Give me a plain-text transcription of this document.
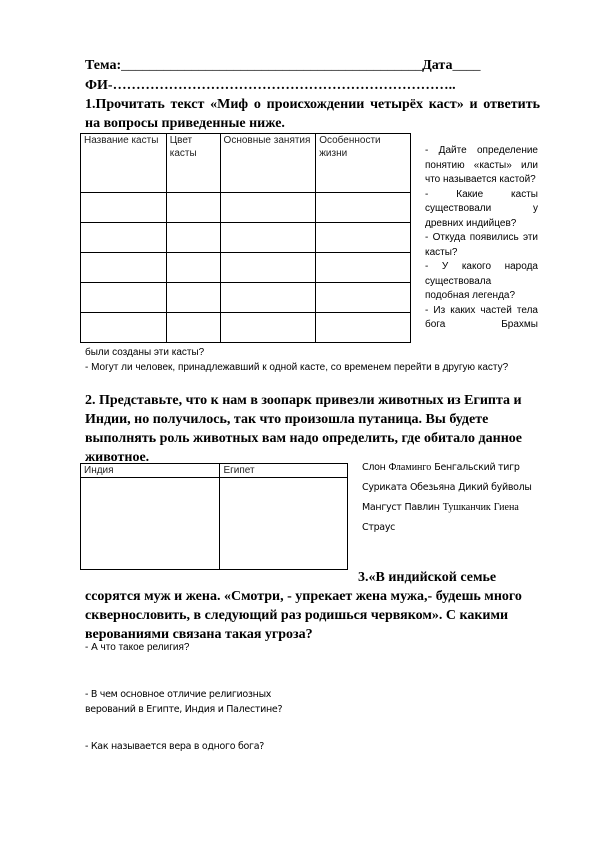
Тема:___________________________________________Дата____
ФИ-………………………………………………………………..
1.Прочитать текст «Миф о происхождении четырёх каст» и ответить
на вопросы приведенные ниже.
Название касты	Цвет касты	Основные занятия	Особенности жизни

				- Дайте определение понятию «касты» или что называется кастой?
- Какие касты существовали у древних индийцев?
- Откуда появились эти касты?
- У какого народа существовала подобная легенда?
- Из каких частей тела бога Брахмы
были созданы эти касты?
- Могут ли человек, принадлежавший к одной касте, со временем перейти в другую касту?
2. Представьте, что к нам в зоопарк привезли животных из Египта и
Индии, но получилось, так что произошла путаница. Вы будете
выполнять роль животных вам надо определить, где обитало данное
животное.
Индия	Египет
		Слон Фламинго Бенгальский тигр
Суриката Обезьяна Дикий буйволы
Мангуст Павлин Тушканчик Гиена
Страус
3.«В индийской семье
ссорятся муж и жена. «Смотри, - упрекает жена мужа,- будешь много
сквернословить, в следующий раз родишься червяком». С какими
верованиями связана такая угроза?
- А что такое религия?
- В чем основное отличие религиозных
верований в Египте, Индия и Палестине?
- Как называется вера в одного бога?
